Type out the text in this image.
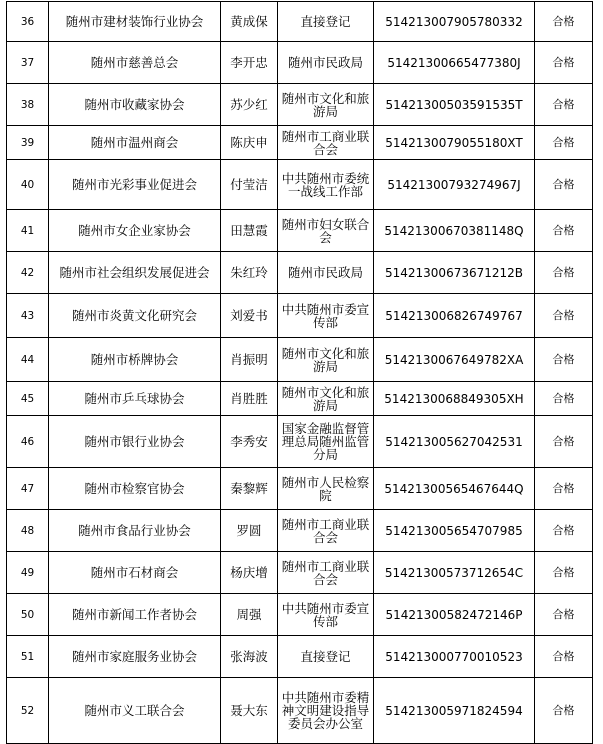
36	随州市建材装饰行业协会	黄成保	直接登记	514213007905780332	合格
37	随州市慈善总会	李开忠	随州市民政局	51421300665477380J	合格
38	随州市收藏家协会	苏少红	随州市文化和旅游局	51421300503591535T	合格
39	随州市温州商会	陈庆申	随州市工商业联合会	5142130079055180XT	合格
40	随州市光彩事业促进会	付莹洁	中共随州市委统一战线工作部	51421300793274967J	合格
41	随州市女企业家协会	田慧霞	随州市妇女联合会	51421300670381148Q	合格
42	随州市社会组织发展促进会	朱红玲	随州市民政局	51421300673671212B	合格
43	随州市炎黄文化研究会	刘爱书	中共随州市委宣传部	514213006826749767	合格
44	随州市桥牌协会	肖振明	随州市文化和旅游局	5142130067649782XA	合格
45	随州市乒乓球协会	肖胜胜	随州市文化和旅游局	5142130068849305XH	合格
46	随州市银行业协会	李秀安	国家金融监督管理总局随州监管分局	514213005627042531	合格
47	随州市检察官协会	秦黎辉	随州市人民检察院	51421300565467644Q	合格
48	随州市食品行业协会	罗圆	随州市工商业联合会	514213005654707985	合格
49	随州市石材商会	杨庆增	随州市工商业联合会	51421300573712654C	合格
50	随州市新闻工作者协会	周强	中共随州市委宣传部	51421300582472146P	合格
51	随州市家庭服务业协会	张海波	直接登记	514213000770010523	合格
52	随州市义工联合会	聂大东	中共随州市委精神文明建设指导委员会办公室	514213005971824594	合格
